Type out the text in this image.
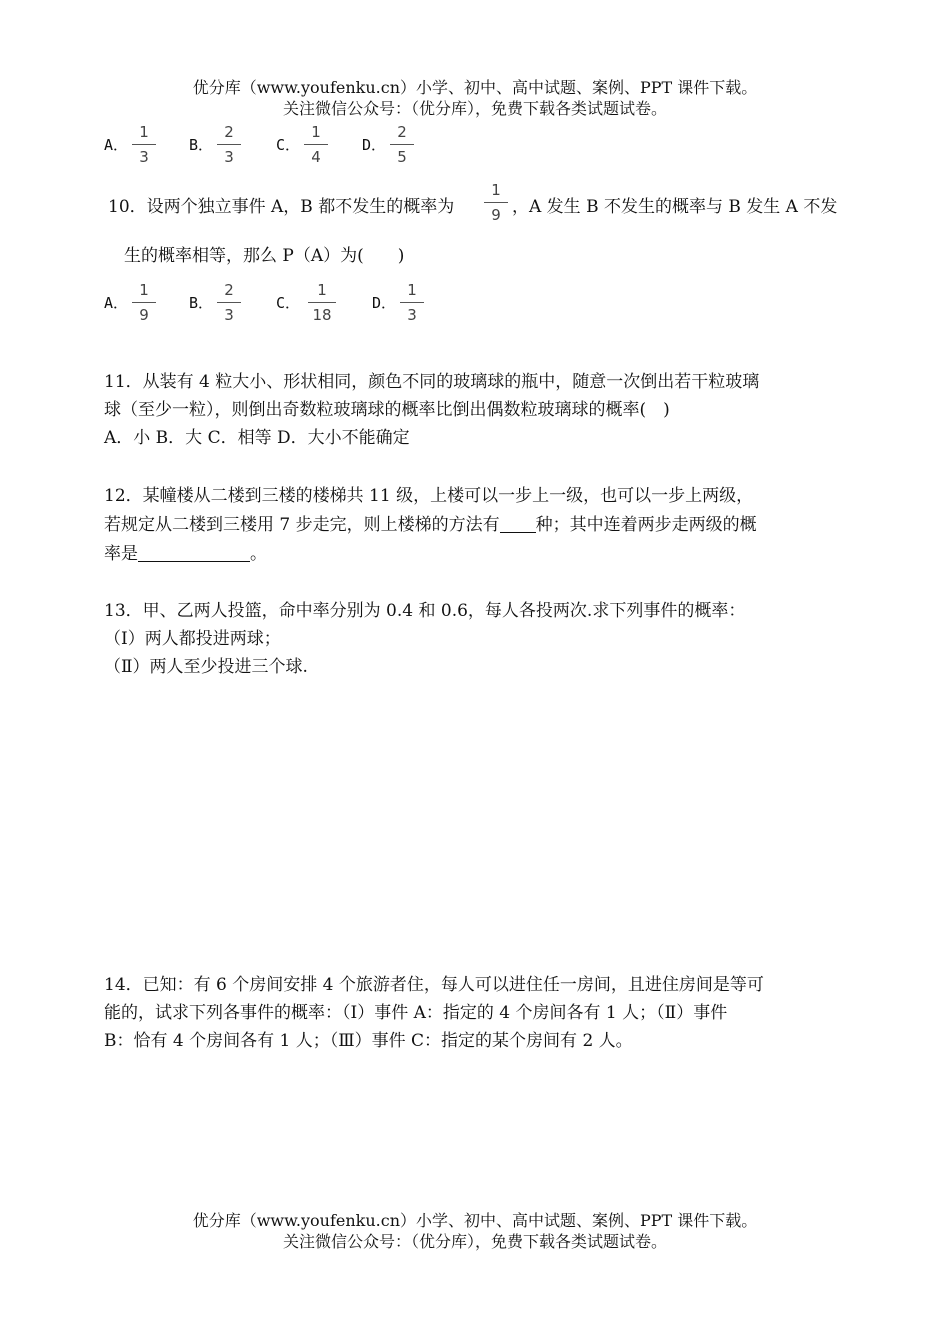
优分库（www.youfenku.cn）小学、初中、高中试题、案例、PPT 课件下载。
关注微信公众号：（优分库），免费下载各类试题试卷。
A．
1
3
B．
2
3
C．
1
4
D．
2
5
10．设两个独立事件 A，B 都不发生的概率为
1
9 ，A 发生 B 不发生的概率与 B 发生 A 不发
生的概率相等，那么 P（A）为(　　)
A．
1
9
B．
2
3
C．
1
18
D．
1
3
11．从装有 4 粒大小、形状相同，颜色不同的玻璃球的瓶中，随意一次倒出若干粒玻璃
球（至少一粒），则倒出奇数粒玻璃球的概率比倒出偶数粒玻璃球的概率(　)
A．小 B．大 C．相等 D．大小不能确定
12．某幢楼从二楼到三楼的楼梯共 11 级，上楼可以一步上一级，也可以一步上两级，
若规定从二楼到三楼用 7 步走完，则上楼梯的方法有 种；其中连着两步走两级的概
率是	。
13．甲、乙两人投篮，命中率分别为 0.4 和 0.6，每人各投两次.求下列事件的概率：
（Ⅰ）两人都投进两球；
（Ⅱ）两人至少投进三个球.
14．已知：有 6 个房间安排 4 个旅游者住，每人可以进住任一房间，且进住房间是等可
能的，试求下列各事件的概率：（Ⅰ）事件 A：指定的 4 个房间各有 1 人；（Ⅱ）事件
B：恰有 4 个房间各有 1 人；（Ⅲ）事件 C：指定的某个房间有 2 人。
优分库（www.youfenku.cn）小学、初中、高中试题、案例、PPT 课件下载。
关注微信公众号：（优分库），免费下载各类试题试卷。
